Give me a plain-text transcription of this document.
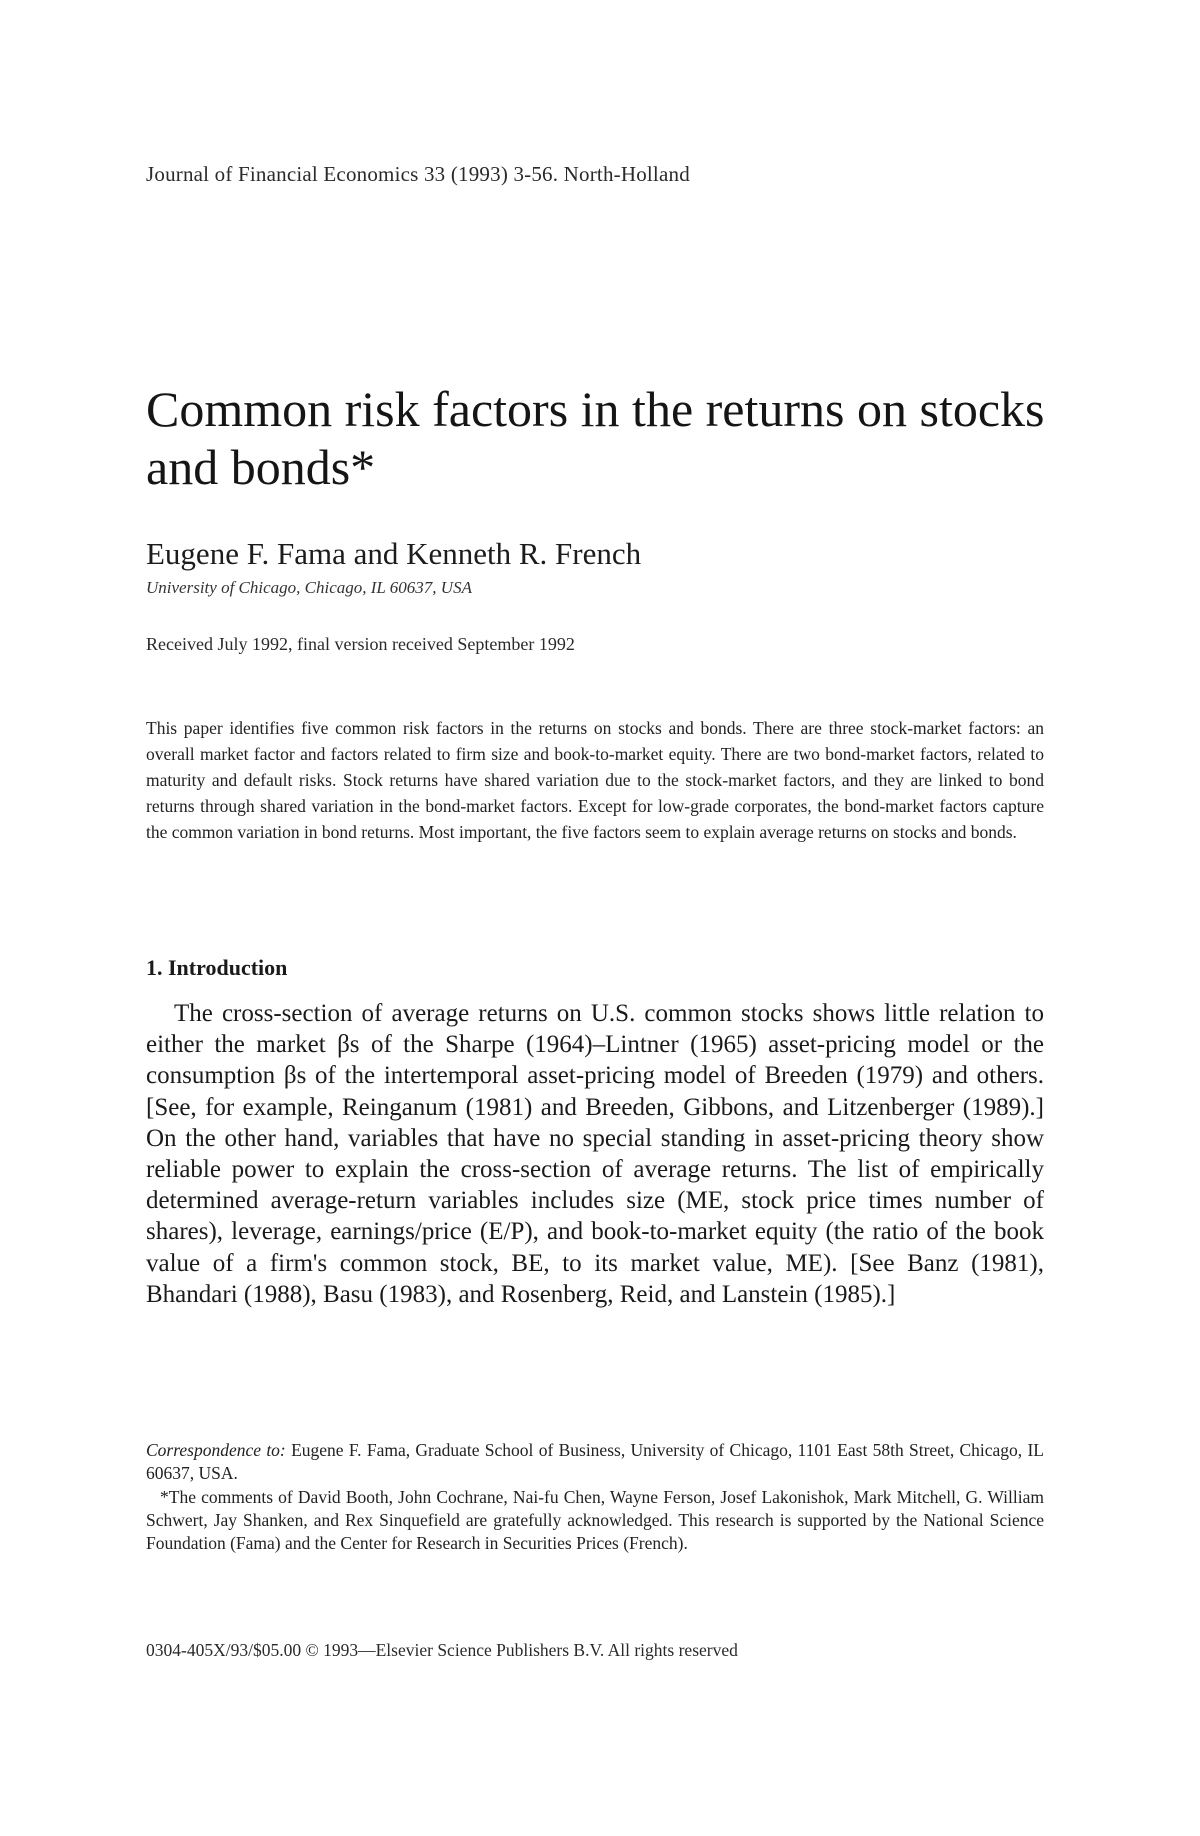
Journal of Financial Economics 33 (1993) 3-56. North-Holland
Common risk factors in the returns on stocks and bonds*
Eugene F. Fama and Kenneth R. French
University of Chicago, Chicago, IL 60637, USA
Received July 1992, final version received September 1992

This paper identifies five common risk factors in the returns on stocks and bonds. There are three stock-market factors: an overall market factor and factors related to firm size and book-to-market equity. There are two bond-market factors, related to maturity and default risks. Stock returns have shared variation due to the stock-market factors, and they are linked to bond returns through shared variation in the bond-market factors. Except for low-grade corporates, the bond-market factors capture the common variation in bond returns. Most important, the five factors seem to explain average returns on stocks and bonds.

1. Introduction

The cross-section of average returns on U.S. common stocks shows little relation to either the market βs of the Sharpe (1964)–Lintner (1965) asset-pricing model or the consumption βs of the intertemporal asset-pricing model of Breeden (1979) and others. [See, for example, Reinganum (1981) and Breeden, Gibbons, and Litzenberger (1989).] On the other hand, variables that have no special standing in asset-pricing theory show reliable power to explain the cross-section of average returns. The list of empirically determined average-return variables includes size (ME, stock price times number of shares), leverage, earnings/price (E/P), and book-to-market equity (the ratio of the book value of a firm's common stock, BE, to its market value, ME). [See Banz (1981), Bhandari (1988), Basu (1983), and Rosenberg, Reid, and Lanstein (1985).]

Correspondence to: Eugene F. Fama, Graduate School of Business, University of Chicago, 1101 East 58th Street, Chicago, IL 60637, USA.

*The comments of David Booth, John Cochrane, Nai-fu Chen, Wayne Ferson, Josef Lakonishok, Mark Mitchell, G. William Schwert, Jay Shanken, and Rex Sinquefield are gratefully acknowledged. This research is supported by the National Science Foundation (Fama) and the Center for Research in Securities Prices (French).

0304-405X/93/$05.00 © 1993—Elsevier Science Publishers B.V. All rights reserved
